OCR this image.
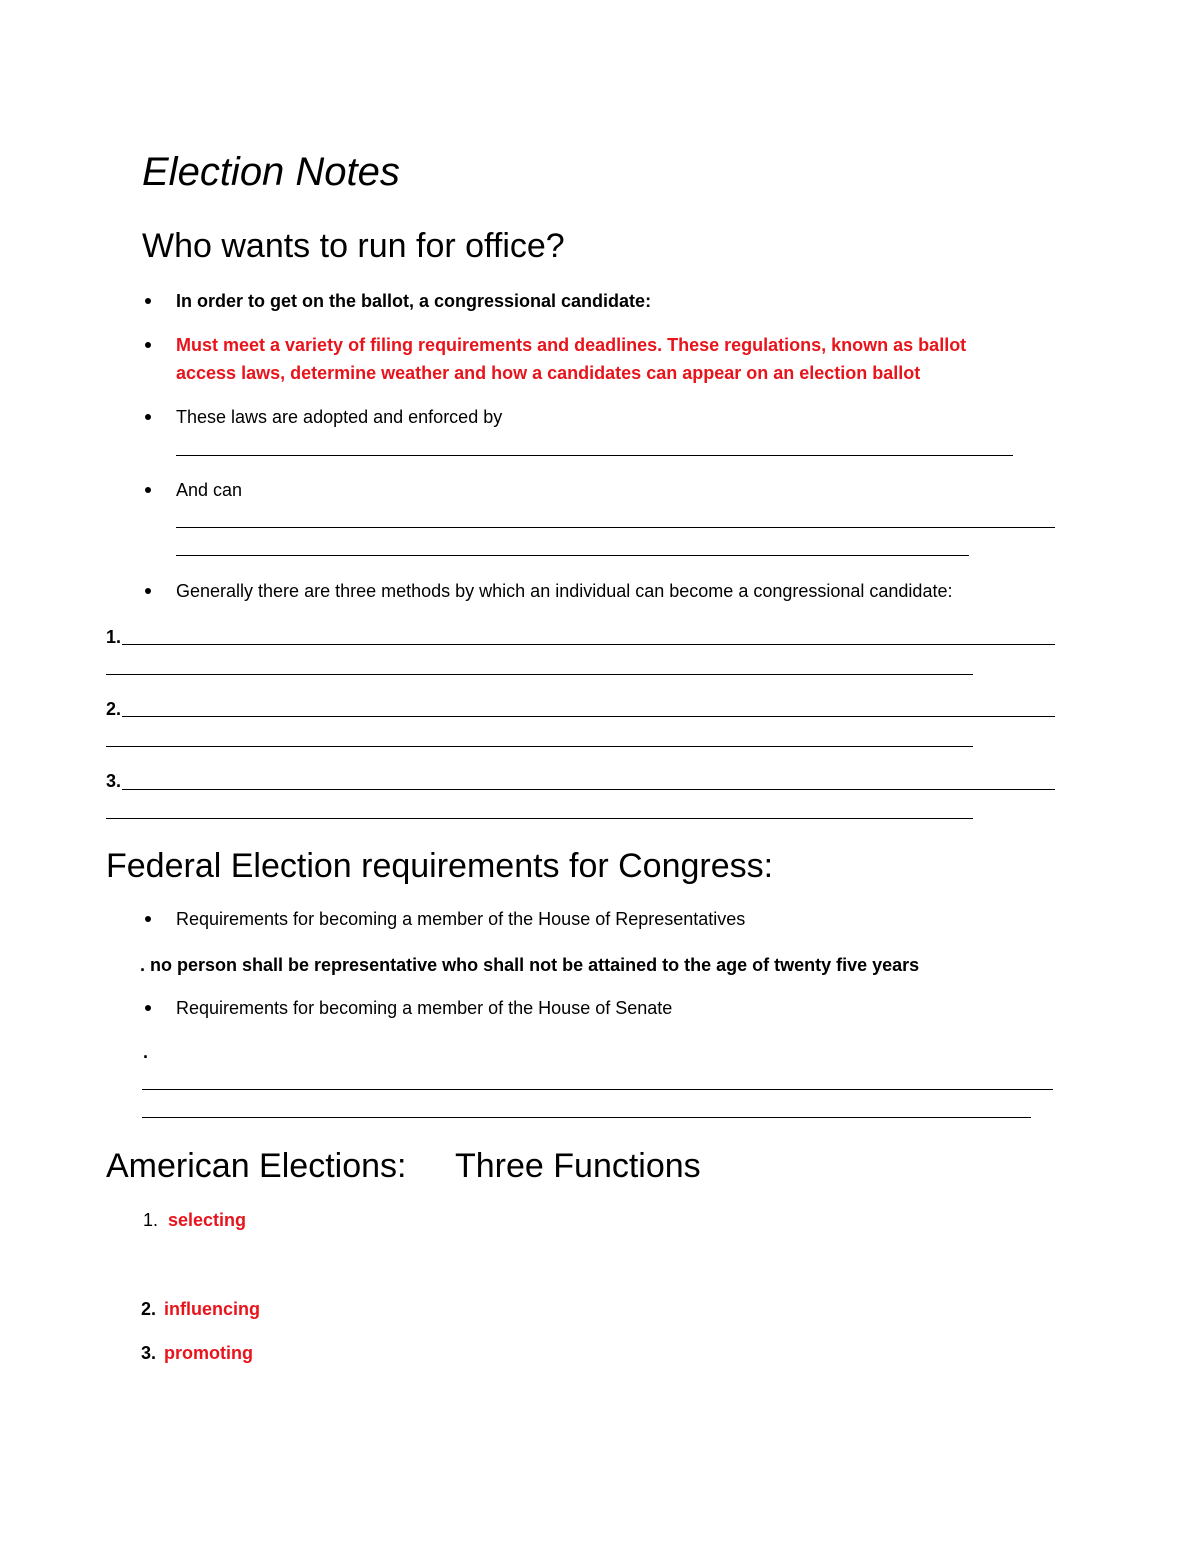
Election Notes
Who wants to run for office?
In order to get on the ballot, a congressional candidate:
Must meet a variety of filing requirements and deadlines. These regulations, known as ballot
access laws, determine weather and how a candidates can appear on an election ballot
These laws are adopted and enforced by
And can
Generally there are three methods by which an individual can become a congressional candidate:
1.
2.
3.
Federal Election requirements for Congress:
Requirements for becoming a member of the House of Representatives
. no person shall be representative who shall not be attained to the age of twenty five years
Requirements for becoming a member of the House of Senate
.
American Elections: Three Functions
1. selecting
2. influencing
3. promoting
